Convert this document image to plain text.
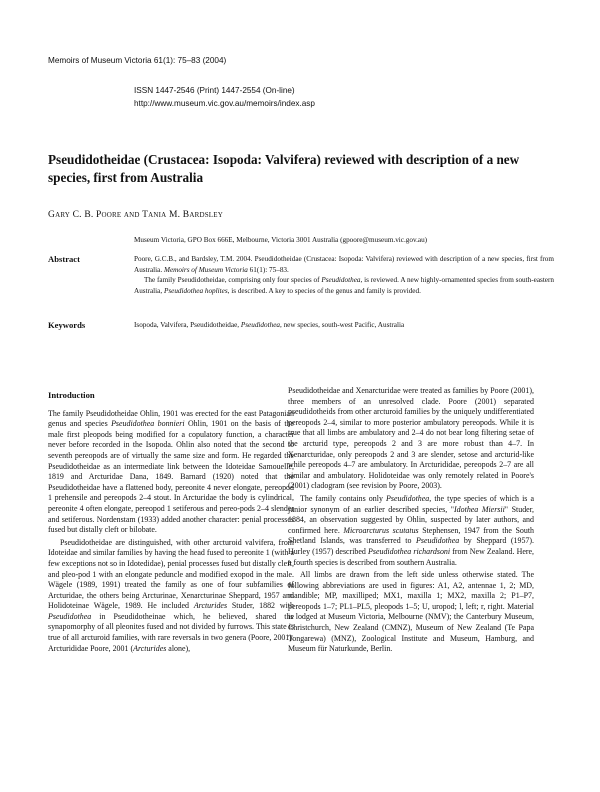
Memoirs of Museum Victoria 61(1): 75–83 (2004)
ISSN 1447-2546 (Print) 1447-2554 (On-line)
http://www.museum.vic.gov.au/memoirs/index.asp
Pseudidotheidae (Crustacea: Isopoda: Valvifera) reviewed with description of a new species, first from Australia
Gary C. B. Poore and Tania M. Bardsley
Museum Victoria, GPO Box 666E, Melbourne, Victoria 3001 Australia (gpoore@museum.vic.gov.au)
Abstract	Poore, G.C.B., and Bardsley, T.M. 2004. Pseudidotheidae (Crustacea: Isopoda: Valvifera) reviewed with description of a new species, first from Australia. Memoirs of Museum Victoria 61(1): 75–83.

The family Pseudidotheidae, comprising only four species of Pseudidothea, is reviewed. A new highly-ornamented species from south-eastern Australia, Pseudidothea hoplites, is described. A key to species of the genus and family is provided.

Keywords	Isopoda, Valvifera, Pseudidotheidae, Pseudidothea, new species, south-west Pacific, Australia
Introduction

The family Pseudidotheidae Ohlin, 1901 was erected for the east Patagonian genus and species Pseudidothea bonnieri Ohlin, 1901 on the basis of the male first pleopods being modified for a copulatory function, a character never before recorded in the Isopoda. Ohlin also noted that the second to seventh pereopods are of virtually the same size and form. He regarded the Pseudidotheidae as an intermediate link between the Idoteidae Samouelle, 1819 and Arcturidae Dana, 1849. Barnard (1920) noted that the Pseudidotheidae have a flattened body, pereonite 4 never elongate, pereopod 1 prehensile and pereopods 2–4 stout. In Arcturidae the body is cylindrical, pereonite 4 often elongate, pereopod 1 setiferous and pereo-pods 2–4 slender and setiferous. Nordenstam (1933) added another character: penial processes fused but distally cleft or bilobate.

Pseudidotheidae are distinguished, with other arcturoid valvifera, from Idoteidae and similar families by having the head fused to pereonite 1 (with a few exceptions not so in Idotedidae), penial processes fused but distally cleft, and pleo-pod 1 with an elongate peduncle and modified exopod in the male. Wägele (1989, 1991) treated the family as one of four subfamilies of Arcturidae, the others being Arcturinae, Xenarcturinae Sheppard, 1957 and Holidoteinae Wägele, 1989. He included Arcturides Studer, 1882 with Pseudidothea in Pseudidotheinae which, he believed, shared the synapomorphy of all pleonites fused and not divided by furrows. This state is true of all arcturoid families, with rare reversals in two genera (Poore, 2001). Arcturididae Poore, 2001 (Arcturides alone),

Pseudidotheidae and Xenarcturidae were treated as families by Poore (2001), three members of an unresolved clade. Poore (2001) separated pseudidotheids from other arcturoid families by the uniquely undifferentiated pereopods 2–4, similar to more posterior ambulatory pereopods. While it is true that all limbs are ambulatory and 2–4 do not bear long filtering setae of the arcturid type, pereopods 2 and 3 are more robust than 4–7. In Xenarcturidae, only pereopods 2 and 3 are slender, setose and arcturid-like while pereopods 4–7 are ambulatory. In Arcturididae, pereopods 2–7 are all similar and ambulatory. Holidoteidae was only remotely related in Poore's (2001) cladogram (see revision by Poore, 2003).

The family contains only Pseudidothea, the type species of which is a junior synonym of an earlier described species, "Idothea Miersii" Studer, 1884, an observation suggested by Ohlin, suspected by later authors, and confirmed here. Microarcturus scutatus Stephensen, 1947 from the South Shetland Islands, was transferred to Pseudidothea by Sheppard (1957). Hurley (1957) described Pseudidothea richardsoni from New Zealand. Here, a fourth species is described from southern Australia.

All limbs are drawn from the left side unless otherwise stated. The following abbreviations are used in figures: A1, A2, antennae 1, 2; MD, mandible; MP, maxilliped; MX1, maxilla 1; MX2, maxilla 2; P1–P7, pereopods 1–7; PL1–PL5, pleopods 1–5; U, uropod; l, left; r, right. Material is lodged at Museum Victoria, Melbourne (NMV); the Canterbury Museum, Christchurch, New Zealand (CMNZ), Museum of New Zealand (Te Papa Tongarewa) (MNZ), Zoological Institute and Museum, Hamburg, and Museum für Naturkunde, Berlin.
